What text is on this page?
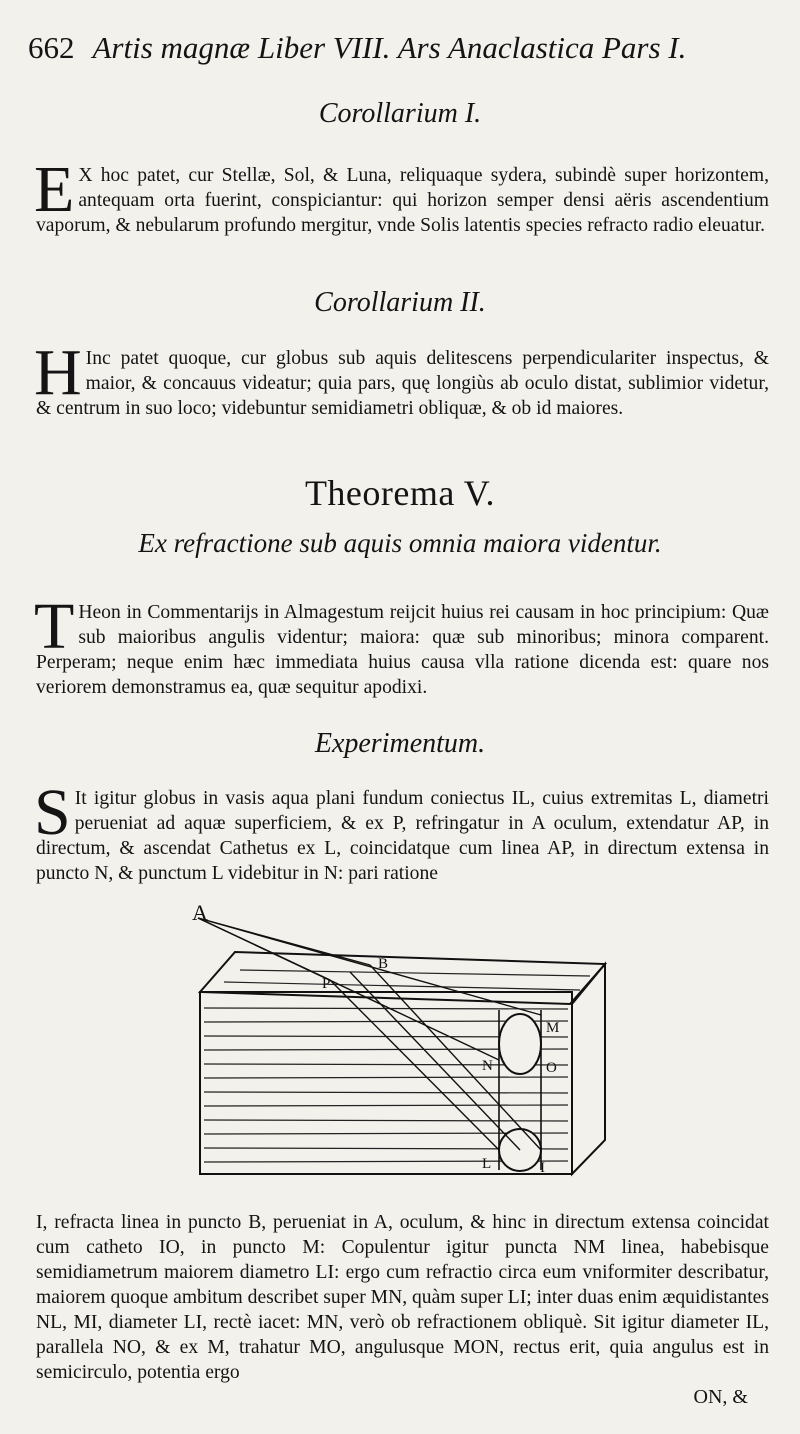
662 Artis magnæ Liber VIII. Ars Anaclastica Pars I.
Corollarium I.

E X hoc patet, cur Stellæ, Sol, & Luna, reliquaque sydera, subindè super horizontem, antequam orta fuerint, conspiciantur: qui horizon semper densi aëris ascendentium vaporum, & nebularum profundo mergitur, vnde Solis latentis species refracto radio eleuatur.

Corollarium II.

H Inc patet quoque, cur globus sub aquis delitescens perpendiculariter inspectus, & maior, & concauus videatur; quia pars, quę longiùs ab oculo distat, sublimior videtur, & centrum in suo loco; videbuntur semidiametri obliquæ, & ob id maiores.

Theorema V.
Ex refractione sub aquis omnia maiora videntur.

T Heon in Commentarijs in Almagestum reijcit huius rei causam in hoc principium: Quæ sub maioribus angulis videntur; maiora: quæ sub minoribus; minora comparent. Perperam; neque enim hæc immediata huius causa vlla ratione dicenda est: quare nos veriorem demonstramus ea, quæ sequitur apodixi.

Experimentum.

S It igitur globus in vasis aqua plani fundum coniectus IL, cuius extremitas L, diametri perueniat ad aquæ superficiem, & ex P, refringatur in A oculum, extendatur AP, in directum, & ascendat Cathetus ex L, coincidatque cum linea AP, in directum extensa in puncto N, & punctum L videbitur in N: pari ratione

A
B
P
M
N	O
L	I

I, refracta linea in puncto B, perueniat in A, oculum, & hinc in directum extensa coincidat cum catheto IO, in puncto M: Copulentur igitur puncta NM linea, habebisque semidiametrum maiorem diametro LI: ergo cum refractio circa eum vniformiter describatur, maiorem quoque ambitum describet super MN, quàm super LI; inter duas enim æquidistantes NL, MI, diameter LI, rectè iacet: MN, verò ob refractionem obliquè. Sit igitur diameter IL, parallela NO, & ex M, trahatur MO, angulusque MON, rectus erit, quia angulus est in semicirculo, potentia ergo

ON, &
